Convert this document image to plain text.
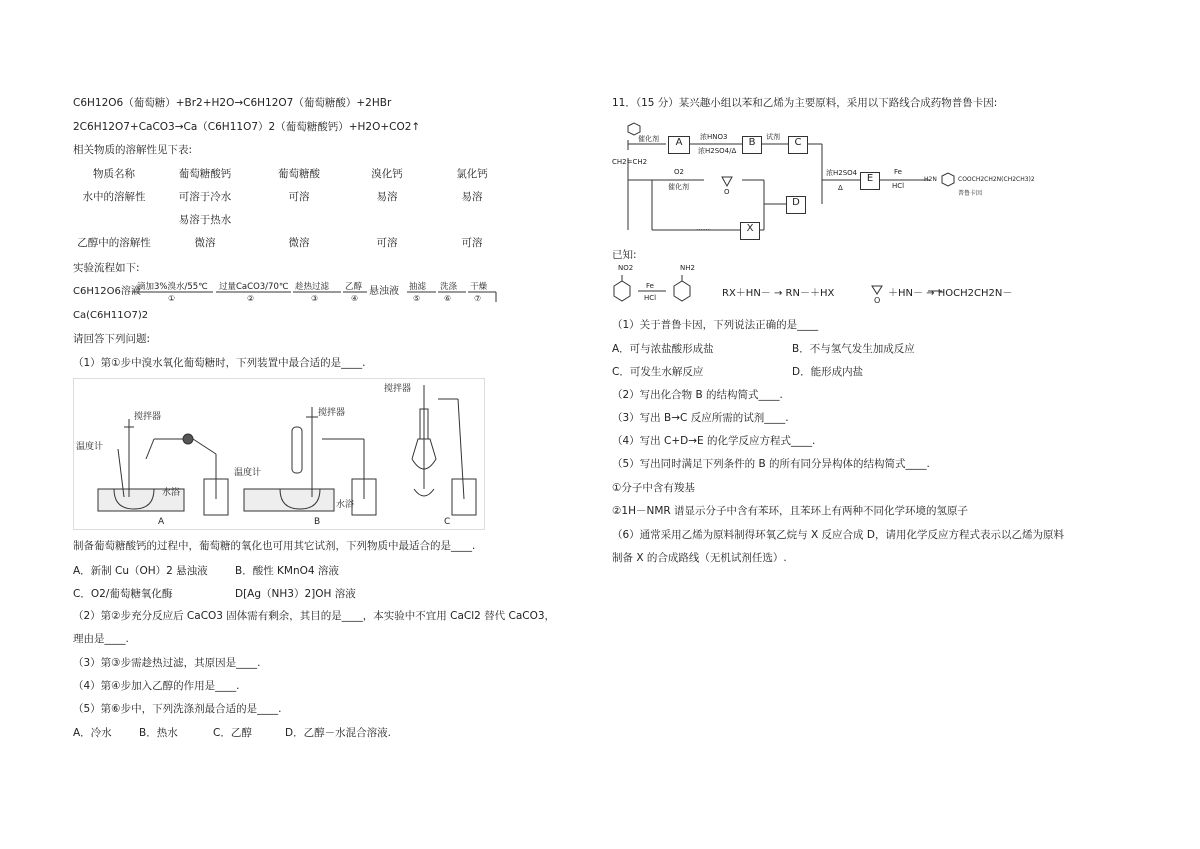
C6H12O6（葡萄糖）+Br2+H2O→C6H12O7（葡萄糖酸）+2HBr
2C6H12O7+CaCO3→Ca（C6H11O7）2（葡萄糖酸钙）+H2O+CO2↑
相关物质的溶解性见下表:
物质名称	葡萄糖酸钙	葡萄糖酸	溴化钙	氯化钙
水中的溶解性	可溶于冷水	可溶	易溶	易溶
	易溶于热水			
乙醇中的溶解性	微溶	微溶	可溶	可溶
实验流程如下:
C6H12O6溶液
滴加3%溴水/55℃
①
过量CaCO3/70℃
②
趁热过滤
③
乙醇
④
悬浊液 抽滤
⑤
洗涤
⑥
干燥
⑦
Ca(C6H11O7)2
请回答下列问题:
（1）第①步中溴水氧化葡萄糖时，下列装置中最合适的是____.
搅拌器
温度计
水浴
A
搅拌器
温度计
水浴
B
搅拌器
C
制备葡萄糖酸钙的过程中，葡萄糖的氧化也可用其它试剂，下列物质中最适合的是____.
A．新制 Cu（OH）2 悬浊液	B．酸性 KMnO4 溶液
C．O2/葡萄糖氧化酶	D[Ag（NH3）2]OH 溶液
（2）第②步充分反应后 CaCO3 固体需有剩余，其目的是____，本实验中不宜用 CaCl2 替代 CaCO3，
理由是____.
（3）第③步需趁热过滤，其原因是____.
（4）第④步加入乙醇的作用是____.
（5）第⑥步中，下列洗涤剂最合适的是____.
A．冷水	B．热水	C．乙醇	D．乙醇－水混合溶液.
11．（15 分）某兴趣小组以苯和乙烯为主要原料，采用以下路线合成药物普鲁卡因:
CH2=CH2
催化剂	A	浓HNO3
浓H2SO4/Δ
B	试剂	C
O2
催化剂
O
浓H2SO4
Δ
E
Fe
HCl
H2N	COOCH2CH2N(CH2CH3)2
普鲁卡因
D
……	X
已知:
NO2	NH2
Fe
HCl	RX＋HN－ → RN－＋HX
O
＋HN－ → HOCH2CH2N－
（1）关于普鲁卡因，下列说法正确的是____
A．可与浓盐酸形成盐	B．不与氢气发生加成反应
C．可发生水解反应	D．能形成内盐
（2）写出化合物 B 的结构简式____.
（3）写出 B→C 反应所需的试剂____.
（4）写出 C+D→E 的化学反应方程式____.
（5）写出同时满足下列条件的 B 的所有同分异构体的结构简式____.
①分子中含有羧基
②1H－NMR 谱显示分子中含有苯环，且苯环上有两种不同化学环境的氢原子
（6）通常采用乙烯为原料制得环氧乙烷与 X 反应合成 D，请用化学反应方程式表示以乙烯为原料
制备 X 的合成路线（无机试剂任选）.
